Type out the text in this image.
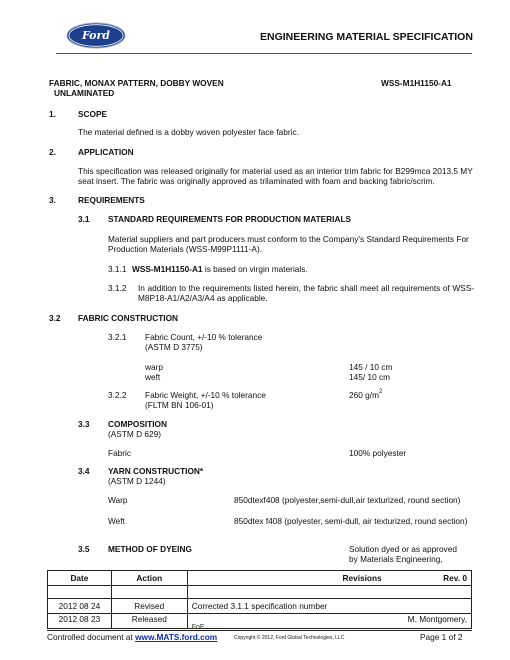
Ford	ENGINEERING MATERIAL SPECIFICATION
FABRIC, MONAX PATTERN, DOBBY WOVEN
UNLAMINATED
WSS-M1H1150-A1
1.	SCOPE
The material defined is a dobby woven polyester face fabric.
2.	APPLICATION
This specification was released originally for material used as an interior trim fabric for B299mca 2013.5 MY seat insert. The fabric was originally approved as trilaminated with foam and backing fabric/scrim.
3.	REQUIREMENTS
3.1 STANDARD REQUIREMENTS FOR PRODUCTION MATERIALS
Material suppliers and part producers must conform to the Company's Standard Requirements For Production Materials (WSS-M99P1111-A).
3.1.1 WSS-M1H1150-A1 is based on virgin materials.
3.1.2 In addition to the requirements listed herein, the fabric shall meet all requirements of WSS-M8P18-A1/A2/A3/A4 as applicable.
3.2 FABRIC CONSTRUCTION
3.2.1 Fabric Count, +/-10 % tolerance
(ASTM D 3775)
warp	145 / 10 cm
weft	145/ 10 cm
3.2.2 Fabric Weight, +/-10 % tolerance
(FLTM BN 106-01)
260 $g/m^2$
3.3 COMPOSITION
(ASTM D 629)
Fabric	100% polyester
3.4 YARN CONSTRUCTION*
(ASTM D 1244)
Warp	850dtexf408 (polyester,semi-dull,air texturized, round section)
Weft	850dtex f408 (polyester, semi-dull, air texturized, round section)
3.5 METHOD OF DYEING	Solution dyed or as approved
by Materials Engineering,
Date	Action	Revisions	Rev. 0

2012 08 24	Revised	Corrected 3.1.1 specification number	
2012 08 23	Released	M. Montgomery,
FoE	
Controlled document at www.MATS.ford.com	Copyright © 2012, Ford Global Technologies, LLC	Page 1 of 2
